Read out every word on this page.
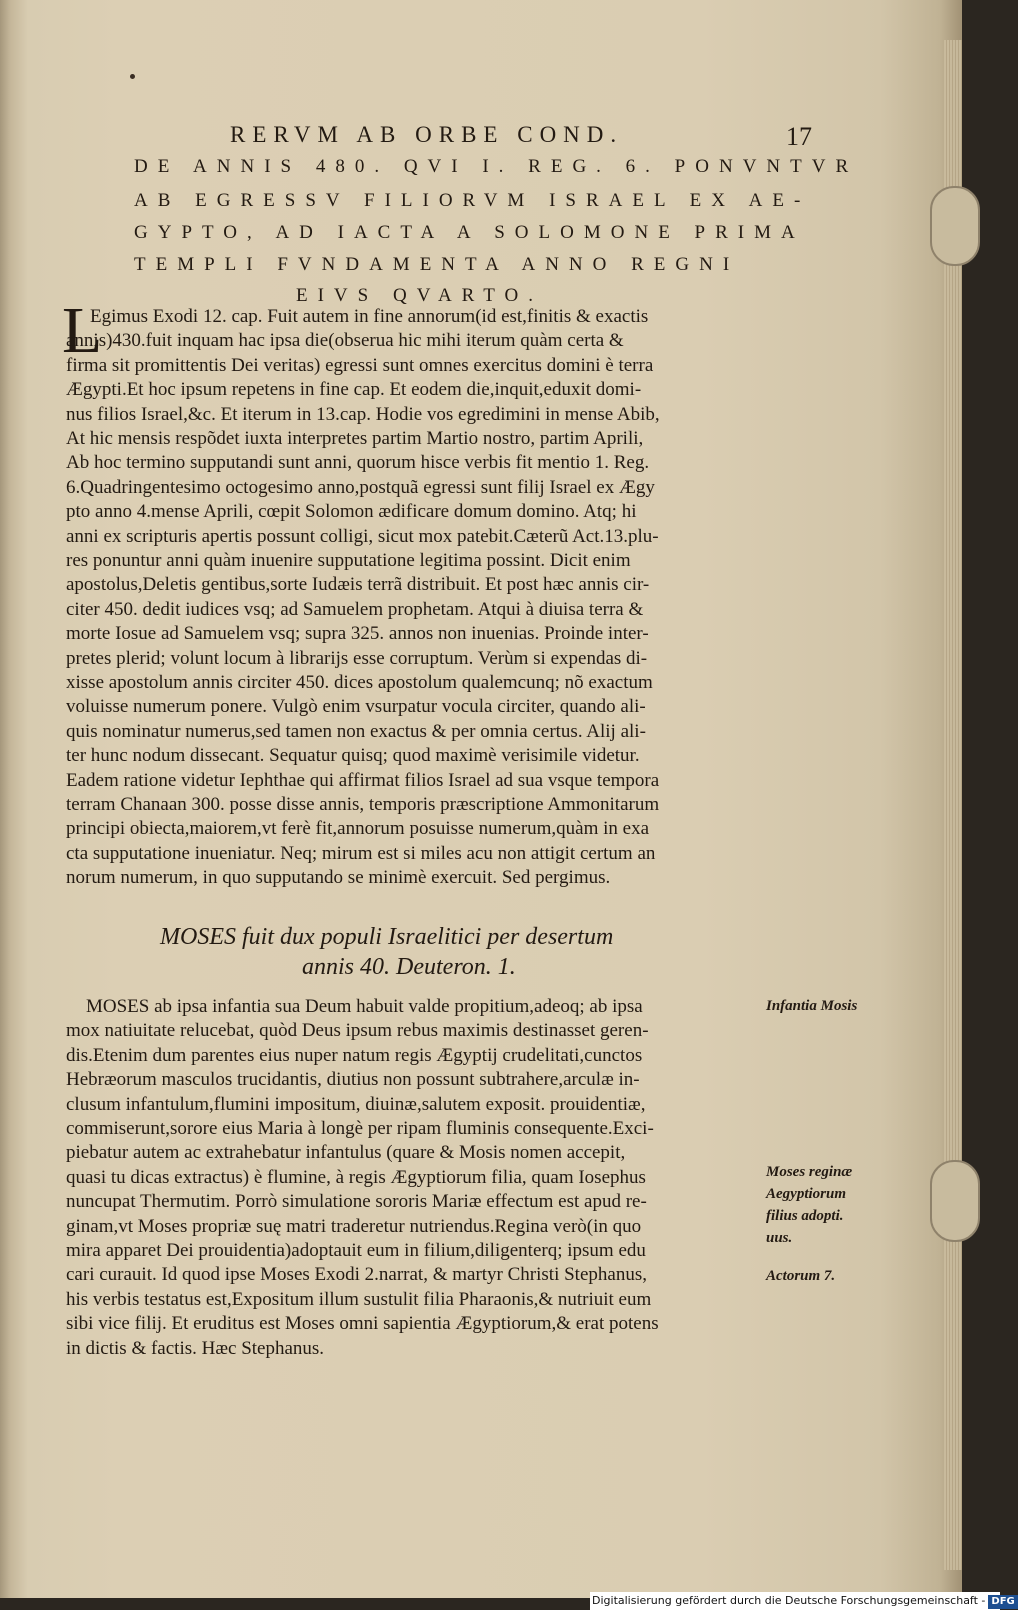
RERVM AB ORBE COND.	17
DE ANNIS 480. QVI I. REG. 6. PONVNTVR
AB EGRESSV FILIORVM ISRAEL EX AE-
GYPTO, AD IACTA A SOLOMONE PRIMA
TEMPLI FVNDAMENTA ANNO REGNI
EIVS QVARTO.
L
Egimus Exodi 12. cap. Fuit autem in fine annorum(id est,finitis & exactis
annis)430.fuit inquam hac ipsa die(obserua hic mihi iterum quàm certa &
firma sit promittentis Dei veritas) egressi sunt omnes exercitus domini è terra
Ægypti.Et hoc ipsum repetens in fine cap. Et eodem die,inquit,eduxit domi-
nus filios Israel,&c. Et iterum in 13.cap. Hodie vos egredimini in mense Abib,
At hic mensis respõdet iuxta interpretes partim Martio nostro, partim Aprili,
Ab hoc termino supputandi sunt anni, quorum hisce verbis fit mentio 1. Reg.
6.Quadringentesimo octogesimo anno,postquã egressi sunt filij Israel ex Ægy
pto anno 4.mense Aprili, cœpit Solomon ædificare domum domino. Atq; hi
anni ex scripturis apertis possunt colligi, sicut mox patebit.Cæterũ Act.13.plu-
res ponuntur anni quàm inuenire supputatione legitima possint. Dicit enim
apostolus,Deletis gentibus,sorte Iudæis terrã distribuit. Et post hæc annis cir-
citer 450. dedit iudices vsq; ad Samuelem prophetam. Atqui à diuisa terra &
morte Iosue ad Samuelem vsq; supra 325. annos non inuenias. Proinde inter-
pretes plerid; volunt locum à librarijs esse corruptum. Verùm si expendas di-
xisse apostolum annis circiter 450. dices apostolum qualemcunq; nõ exactum
voluisse numerum ponere. Vulgò enim vsurpatur vocula circiter, quando ali-
quis nominatur numerus,sed tamen non exactus & per omnia certus. Alij ali-
ter hunc nodum dissecant. Sequatur quisq; quod maximè verisimile videtur.
Eadem ratione videtur Iephthae qui affirmat filios Israel ad sua vsque tempora
terram Chanaan 300. posse disse annis, temporis præscriptione Ammonitarum
principi obiecta,maiorem,vt ferè fit,annorum posuisse numerum,quàm in exa
cta supputatione inueniatur. Neq; mirum est si miles acu non attigit certum an
norum numerum, in quo supputando se minimè exercuit. Sed pergimus.
MOSES fuit dux populi Israelitici per desertum
annis 40. Deuteron. 1.
MOSES ab ipsa infantia sua Deum habuit valde propitium,adeoq; ab ipsa
mox natiuitate relucebat, quòd Deus ipsum rebus maximis destinasset geren-
dis.Etenim dum parentes eius nuper natum regis Ægyptij crudelitati,cunctos
Hebræorum masculos trucidantis, diutius non possunt subtrahere,arculæ in-
clusum infantulum,flumini impositum, diuinæ,salutem exposit. prouidentiæ,
commiserunt,sorore eius Maria à longè per ripam fluminis consequente.Exci-
piebatur autem ac extrahebatur infantulus (quare & Mosis nomen accepit,
quasi tu dicas extractus) è flumine, à regis Ægyptiorum filia, quam Iosephus
nuncupat Thermutim. Porrò simulatione sororis Mariæ effectum est apud re-
ginam,vt Moses propriæ suę matri traderetur nutriendus.Regina verò(in quo
mira apparet Dei prouidentia)adoptauit eum in filium,diligenterq; ipsum edu
cari curauit. Id quod ipse Moses Exodi 2.narrat, & martyr Christi Stephanus,
his verbis testatus est,Expositum illum sustulit filia Pharaonis,& nutriuit eum
sibi vice filij. Et eruditus est Moses omni sapientia Ægyptiorum,& erat potens
in dictis & factis. Hæc Stephanus.
Infantia Mosis
Moses reginæ
Aegyptiorum
filius adopti.
uus.
Actorum 7.
Digitalisierung gefördert durch die Deutsche Forschungsgemeinschaft - DFG
